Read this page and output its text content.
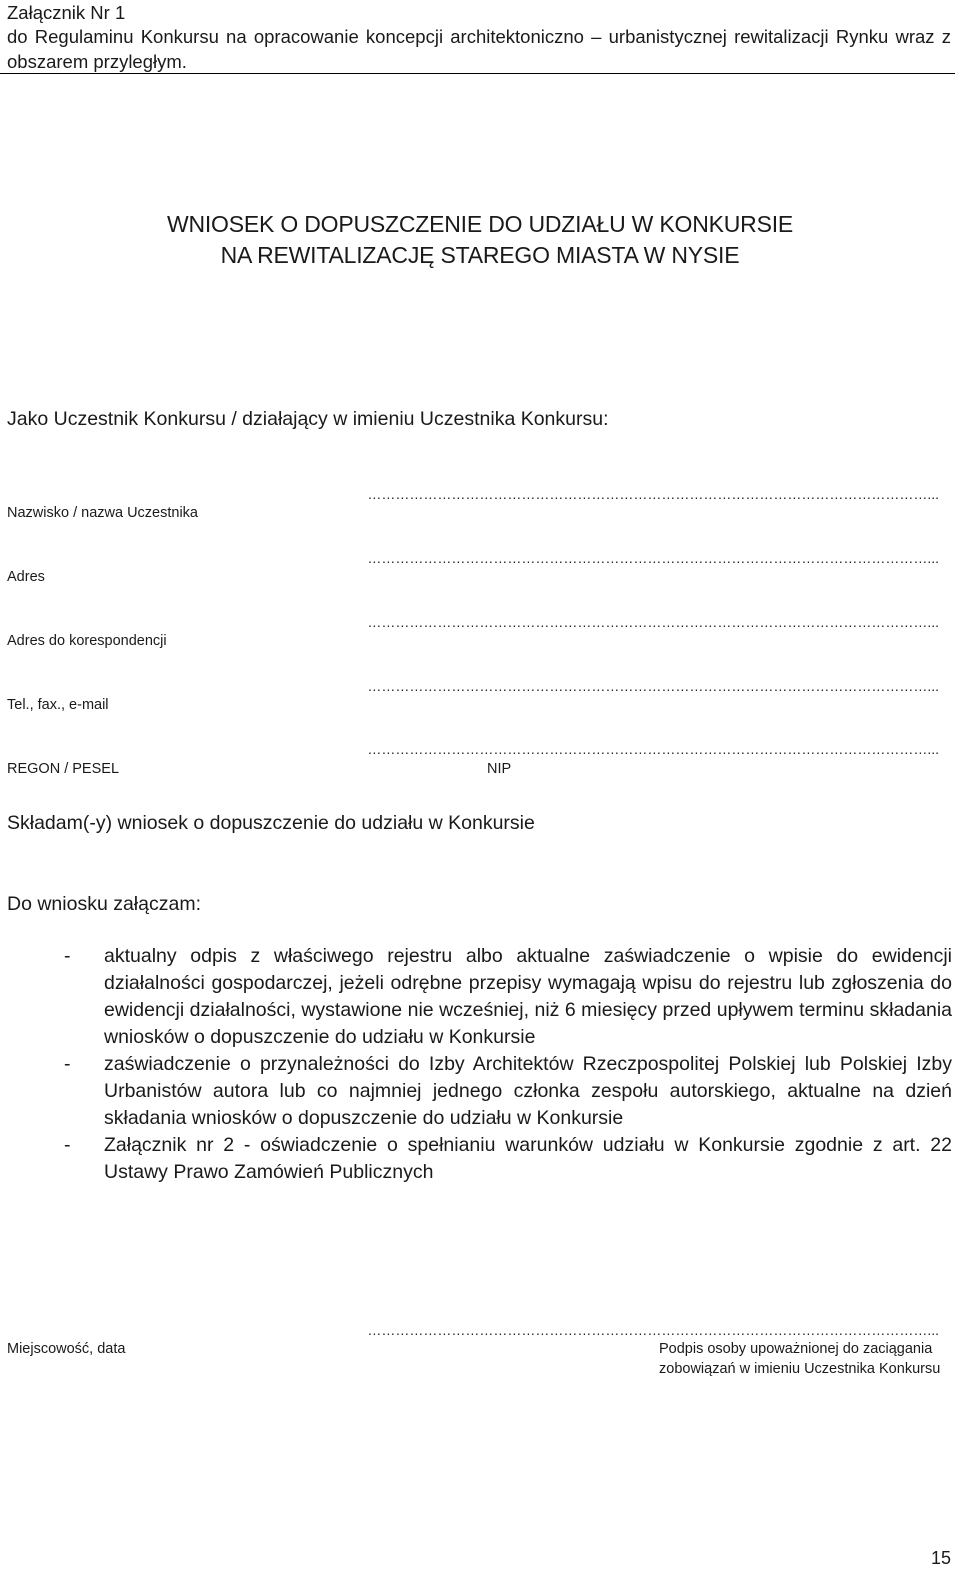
Załącznik Nr 1
do Regulaminu Konkursu na opracowanie koncepcji architektoniczno – urbanistycznej rewitalizacji Rynku wraz z obszarem przyległym.
WNIOSEK O DOPUSZCZENIE DO UDZIAŁU W KONKURSIE
NA REWITALIZACJĘ STAREGO MIASTA W NYSIE
Jako Uczestnik Konkursu / działający w imieniu Uczestnika Konkursu:
…………………………………………………………………………………………………………...
Nazwisko / nazwa Uczestnika
…………………………………………………………………………………………………………...
Adres
…………………………………………………………………………………………………………...
Adres do korespondencji
…………………………………………………………………………………………………………...
Tel., fax., e-mail
…………………………………………………………………………………………………………...
REGON / PESEL	NIP
Składam(-y) wniosek o dopuszczenie do udziału w Konkursie
Do wniosku załączam:
- aktualny odpis z właściwego rejestru albo aktualne zaświadczenie o wpisie do ewidencji działalności gospodarczej, jeżeli odrębne przepisy wymagają wpisu do rejestru lub zgłoszenia do ewidencji działalności, wystawione nie wcześniej, niż 6 miesięcy przed upływem terminu składania wniosków o dopuszczenie do udziału w Konkursie
- zaświadczenie o przynależności do Izby Architektów Rzeczpospolitej Polskiej lub Polskiej Izby Urbanistów autora lub co najmniej jednego członka zespołu autorskiego, aktualne na dzień składania wniosków o dopuszczenie do udziału w Konkursie
- Załącznik nr 2 - oświadczenie o spełnianiu warunków udziału w Konkursie zgodnie z art. 22 Ustawy Prawo Zamówień Publicznych
…………………………………………………………………………………………………………...
Miejscowość, data	Podpis osoby upoważnionej do zaciągania
zobowiązań w imieniu Uczestnika Konkursu
15
